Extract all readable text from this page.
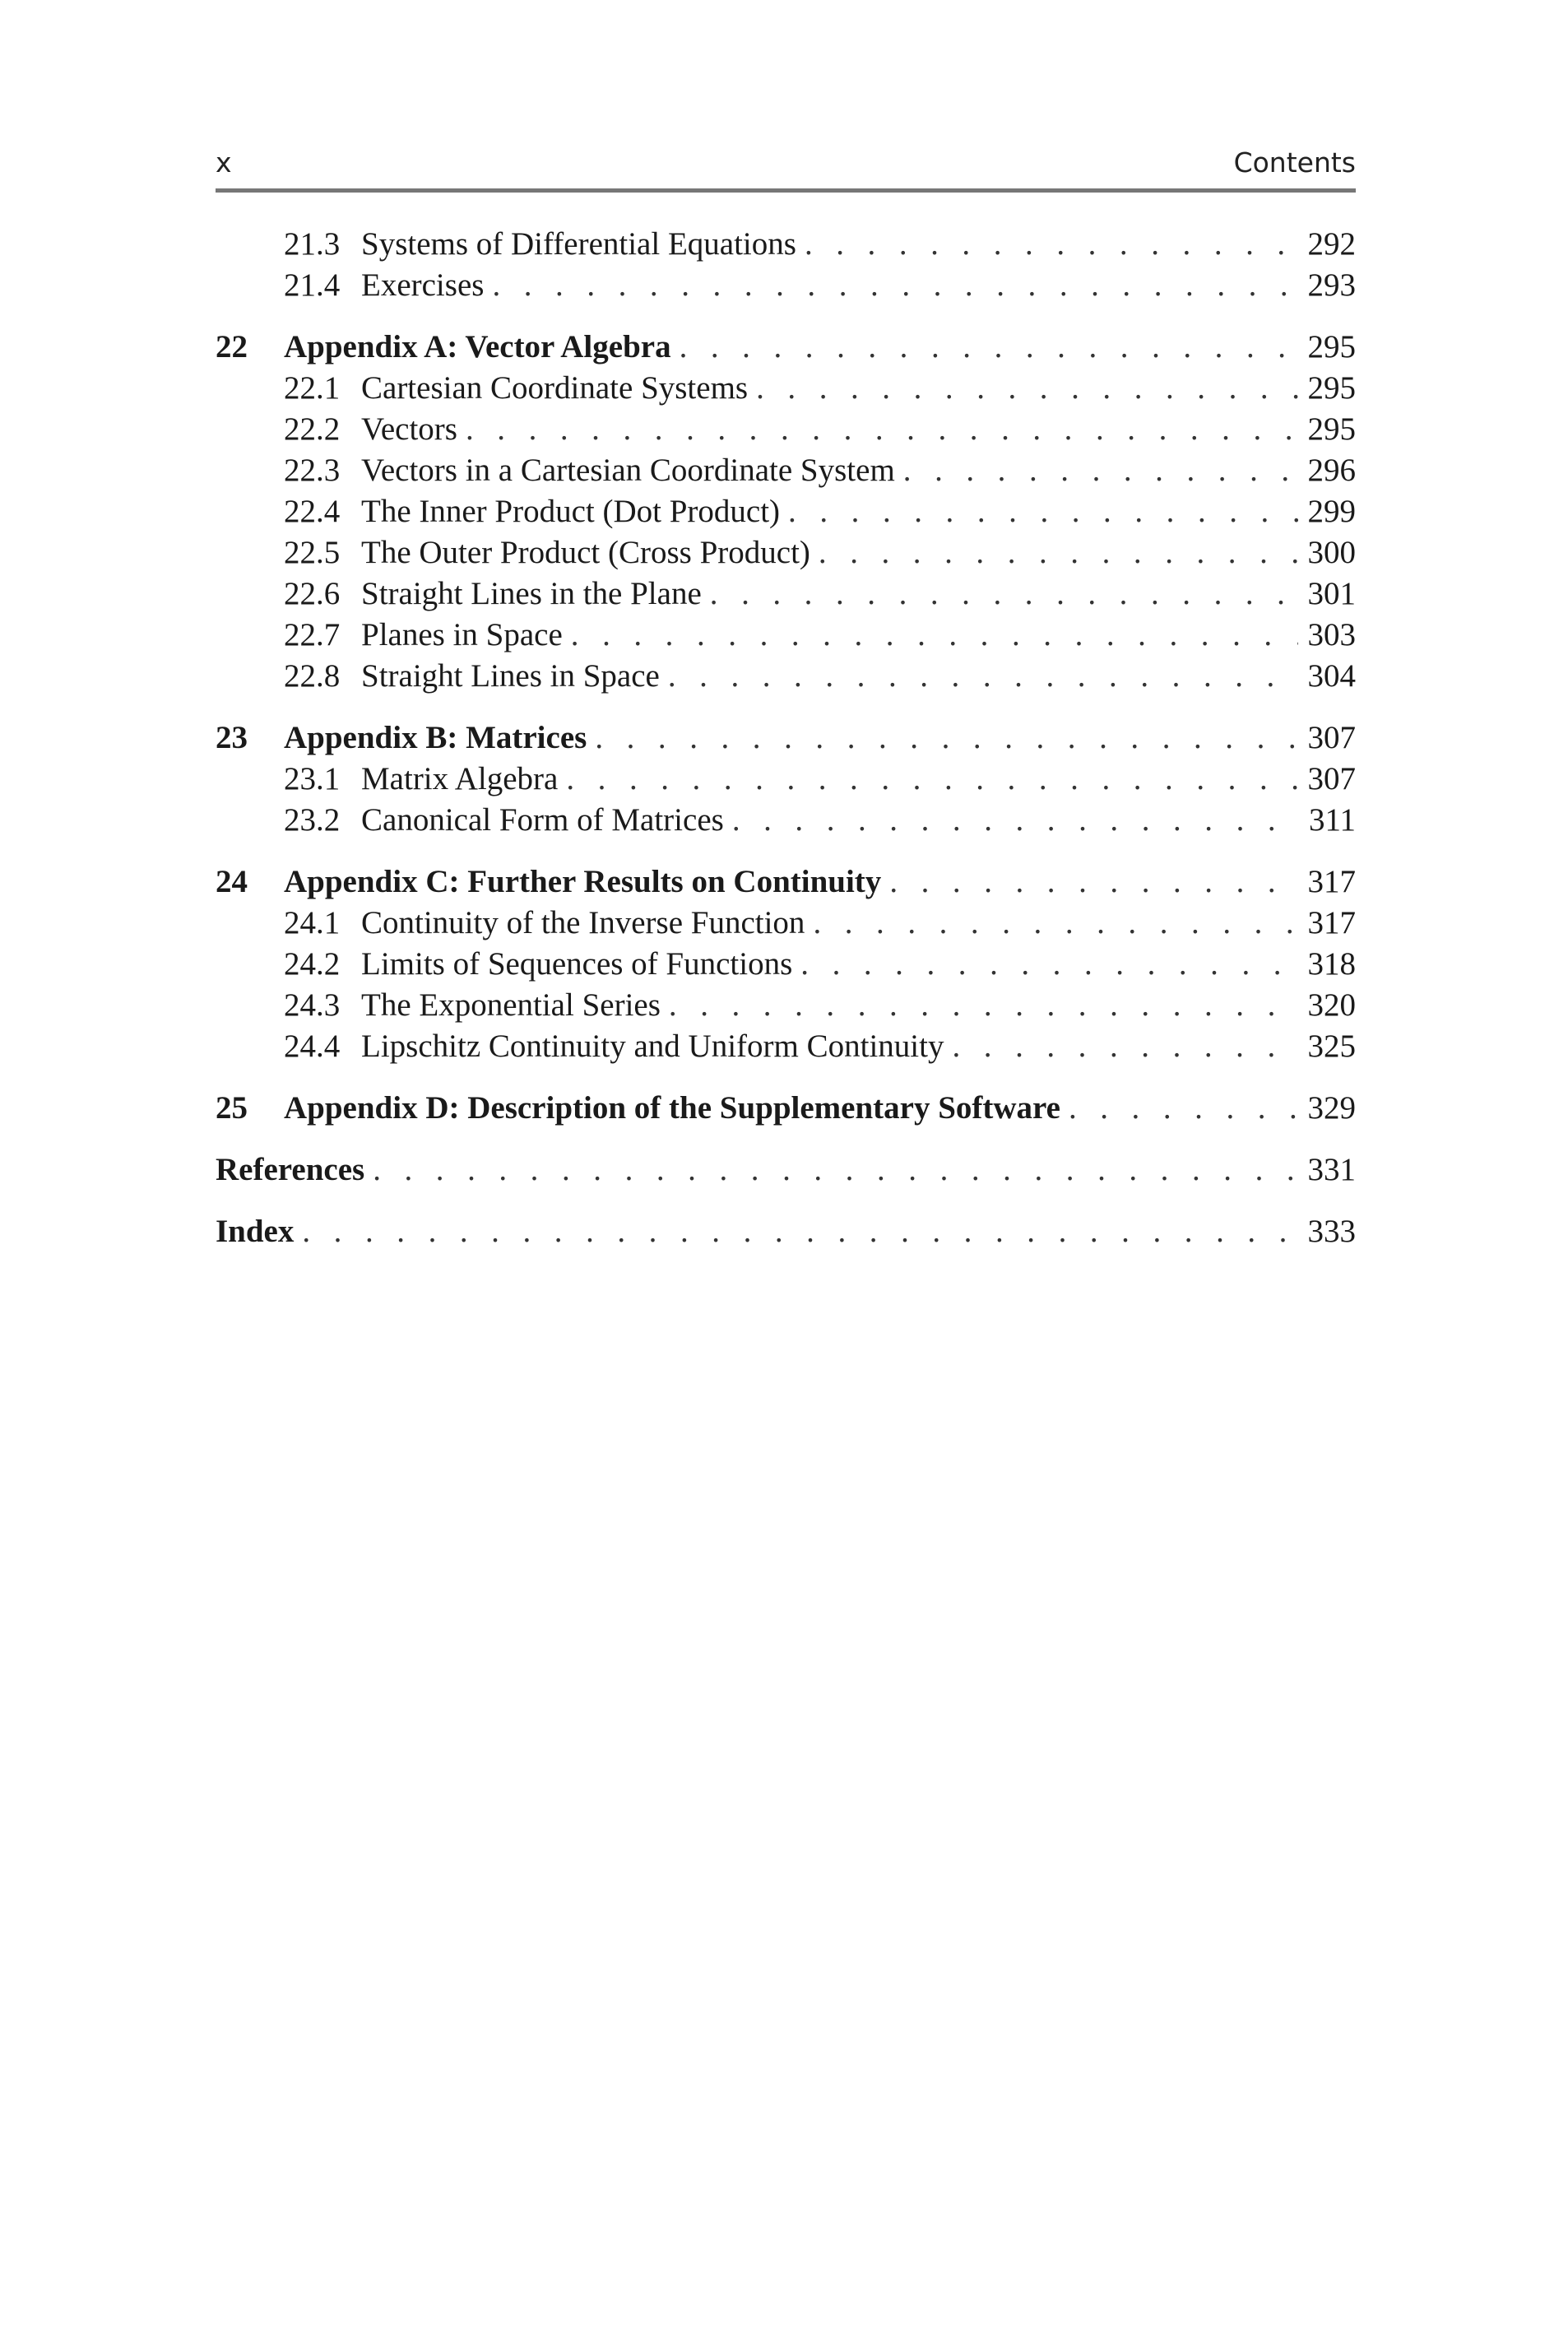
x	Contents
21.3 Systems of Differential Equations . . .	292
21.4 Exercises . . .	293
22	Appendix A: Vector Algebra . . .	295
22.1 Cartesian Coordinate Systems . . .	295
22.2 Vectors . . .	295
22.3 Vectors in a Cartesian Coordinate System . . .	296
22.4 The Inner Product (Dot Product) . . .	299
22.5 The Outer Product (Cross Product) . . .	300
22.6 Straight Lines in the Plane . . .	301
22.7 Planes in Space . . .	303
22.8 Straight Lines in Space . . .	304
23	Appendix B: Matrices . . .	307
23.1 Matrix Algebra . . .	307
23.2 Canonical Form of Matrices . . .	311
24	Appendix C: Further Results on Continuity . . .	317
24.1 Continuity of the Inverse Function . . .	317
24.2 Limits of Sequences of Functions . . .	318
24.3 The Exponential Series . . .	320
24.4 Lipschitz Continuity and Uniform Continuity . . .	325
25	Appendix D: Description of the Supplementary Software . . .	329
References . . .	331
Index . . .	333
